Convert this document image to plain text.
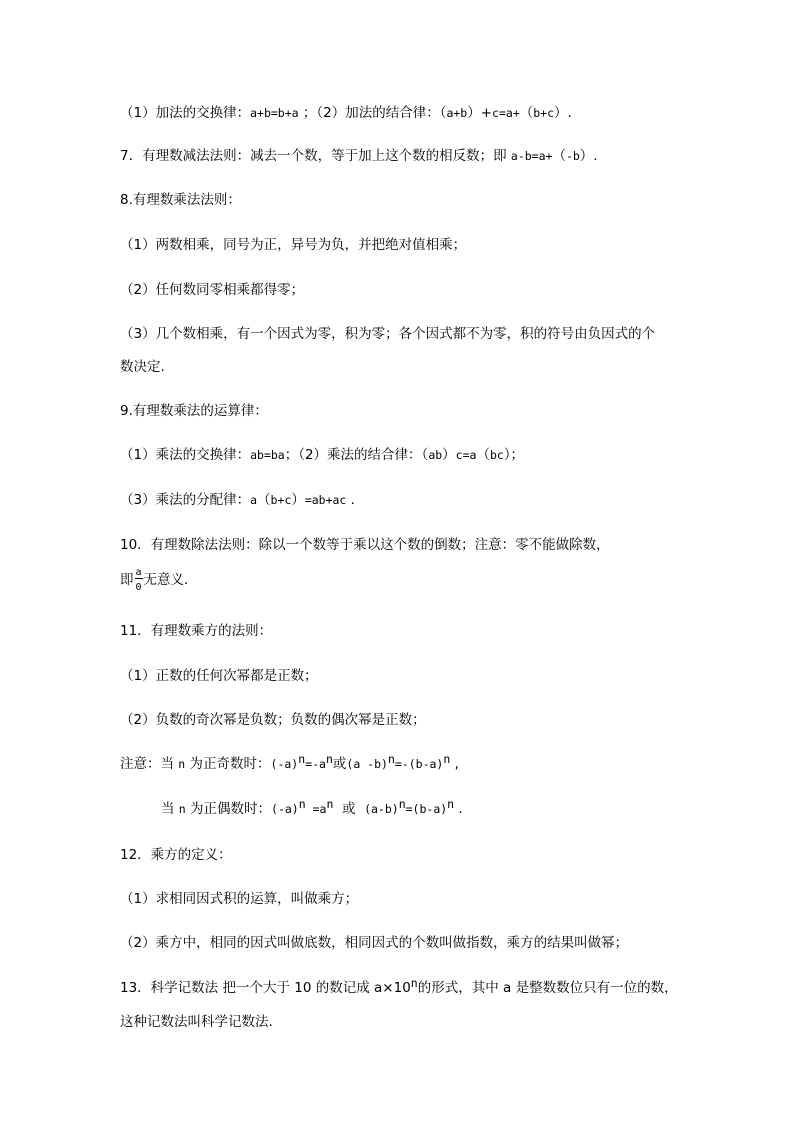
（1）加法的交换律：a+b=b+a ；（2）加法的结合律：（a+b）+c=a+（b+c）.
7．有理数减法法则：减去一个数，等于加上这个数的相反数；即 a-b=a+（-b）.
8.有理数乘法法则：
（1）两数相乘，同号为正，异号为负，并把绝对值相乘；
（2）任何数同零相乘都得零；
（3）几个数相乘，有一个因式为零，积为零；各个因式都不为零，积的符号由负因式的个
数决定.
9.有理数乘法的运算律：
（1）乘法的交换律：ab=ba；（2）乘法的结合律：（ab）c=a（bc）；
（3）乘法的分配律：a（b+c）=ab+ac .
10．有理数除法法则：除以一个数等于乘以这个数的倒数；注意：零不能做除数，
即 $\frac{a}{0}$ 无意义.
11．有理数乘方的法则：
（1）正数的任何次幂都是正数；
（2）负数的奇次幂是负数；负数的偶次幂是正数；
注意：当 n 为正奇数时：$(-a)^n=-a^n$或(a $-b)^n=-(b-a)^n$ ,
当 n 为正偶数时：$(-a)^n =a^n$  或  $(a-b)^n=(b-a)^n$ .
12．乘方的定义：
（1）求相同因式积的运算，叫做乘方；
（2）乘方中，相同的因式叫做底数，相同因式的个数叫做指数，乘方的结果叫做幂；
13．科学记数法 把一个大于 10 的数记成 $a\times 10^n$的形式，其中 a 是整数数位只有一位的数，
这种记数法叫科学记数法.
